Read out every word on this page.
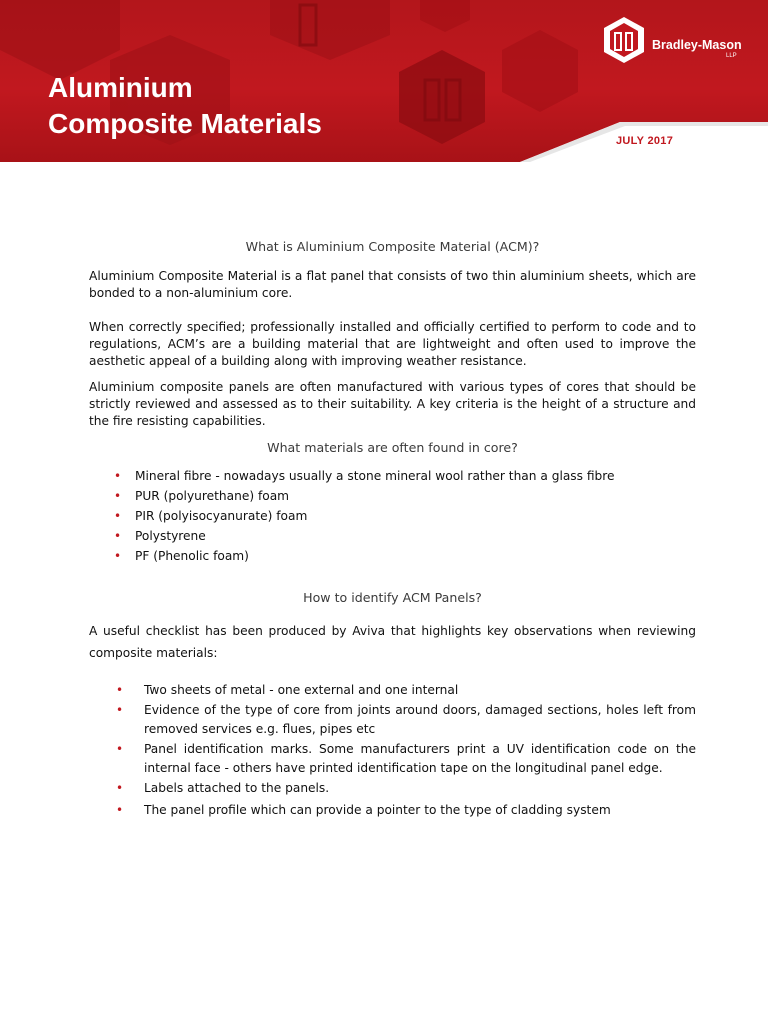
Aluminium
Composite Materials
JULY 2017
Bradley-Mason
LLP
What is Aluminium Composite Material (ACM)?

Aluminium Composite Material is a flat panel that consists of two thin aluminium sheets, which are bonded to a non-aluminium core.

When correctly specified; professionally installed and officially certified to perform to code and to regulations, ACM’s are a building material that are lightweight and often used to improve the aesthetic appeal of a building along with improving weather resistance.

Aluminium composite panels are often manufactured with various types of cores that should be strictly reviewed and assessed as to their suitability. A key criteria is the height of a structure and the fire resisting capabilities.

What materials are often found in core?
• Mineral fibre - nowadays usually a stone mineral wool rather than a glass fibre
• PUR (polyurethane) foam
• PIR (polyisocyanurate) foam
• Polystyrene
• PF (Phenolic foam)
How to identify ACM Panels?

A useful checklist has been produced by Aviva that highlights key observations when reviewing composite materials:

• Two sheets of metal - one external and one internal
• Evidence of the type of core from joints around doors, damaged sections, holes left from removed services e.g. flues, pipes etc
• Panel identification marks. Some manufacturers print a UV identification code on the internal face - others have printed identification tape on the longitudinal panel edge.
• Labels attached to the panels.
• The panel profile which can provide a pointer to the type of cladding system
